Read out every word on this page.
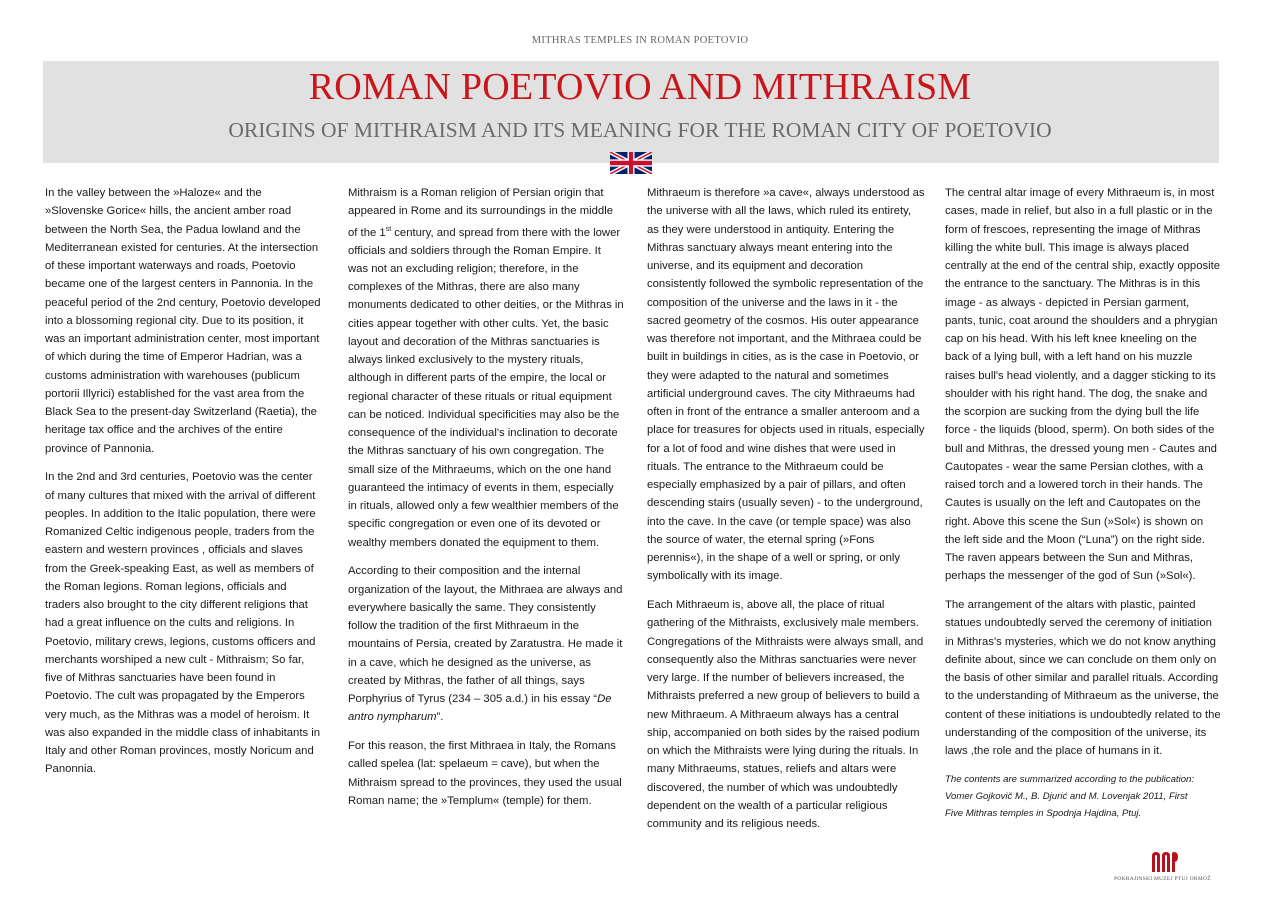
MITHRAS TEMPLES IN ROMAN POETOVIO
ROMAN POETOVIO AND MITHRAISM
ORIGINS OF MITHRAISM AND ITS MEANING FOR THE ROMAN CITY OF POETOVIO

In the valley between the »Haloze« and the »Slovenske Gorice« hills, the ancient amber road between the North Sea, the Padua lowland and the Mediterranean existed for centuries. At the intersection of these important waterways and roads, Poetovio became one of the largest centers in Pannonia. In the peaceful period of the 2nd century, Poetovio developed into a blossoming regional city. Due to its position, it was an important administration center, most important of which during the time of Emperor Hadrian, was a customs administration with warehouses (publicum portorii Illyrici) established for the vast area from the Black Sea to the present-day Switzerland (Raetia), the heritage tax office and the archives of the entire province of Pannonia.

In the 2nd and 3rd centuries, Poetovio was the center of many cultures that mixed with the arrival of different peoples. In addition to the Italic population, there were Romanized Celtic indigenous people, traders from the eastern and western provinces , officials and slaves from the Greek-speaking East, as well as members of the Roman legions. Roman legions, officials and traders also brought to the city different religions that had a great influence on the cults and religions. In Poetovio, military crews, legions, customs officers and merchants worshiped a new cult - Mithraism; So far, five of Mithras sanctuaries have been found in Poetovio. The cult was propagated by the Emperors very much, as the Mithras was a model of heroism. It was also expanded in the middle class of inhabitants in Italy and other Roman provinces, mostly Noricum and Panonnia.

Mithraism is a Roman religion of Persian origin that appeared in Rome and its surroundings in the middle of the 1st century, and spread from there with the lower officials and soldiers through the Roman Empire. It was not an excluding religion; therefore, in the complexes of the Mithras, there are also many monuments dedicated to other deities, or the Mithras in cities appear together with other cults. Yet, the basic layout and decoration of the Mithras sanctuaries is always linked exclusively to the mystery rituals, although in different parts of the empire, the local or regional character of these rituals or ritual equipment can be noticed. Individual specificities may also be the consequence of the individual's inclination to decorate the Mithras sanctuary of his own congregation. The small size of the Mithraeums, which on the one hand guaranteed the intimacy of events in them, especially in rituals, allowed only a few wealthier members of the specific congregation or even one of its devoted or wealthy members donated the equipment to them.

According to their composition and the internal organization of the layout, the Mithraea are always and everywhere basically the same. They consistently follow the tradition of the first Mithraeum in the mountains of Persia, created by Zaratustra. He made it in a cave, which he designed as the universe, as created by Mithras, the father of all things, says Porphyrius of Tyrus (234 – 305 a.d.) in his essay “De antro nympharum”.

For this reason, the first Mithraea in Italy, the Romans called spelea (lat: spelaeum = cave), but when the Mithraism spread to the provinces, they used the usual Roman name; the »Templum« (temple) for them.

Mithraeum is therefore »a cave«, always understood as the universe with all the laws, which ruled its entirety, as they were understood in antiquity. Entering the Mithras sanctuary always meant entering into the universe, and its equipment and decoration consistently followed the symbolic representation of the composition of the universe and the laws in it - the sacred geometry of the cosmos. His outer appearance was therefore not important, and the Mithraea could be built in buildings in cities, as is the case in Poetovio, or they were adapted to the natural and sometimes artificial underground caves. The city Mithraeums had often in front of the entrance a smaller anteroom and a place for treasures for objects used in rituals, especially for a lot of food and wine dishes that were used in rituals. The entrance to the Mithraeum could be especially emphasized by a pair of pillars, and often descending stairs (usually seven) - to the underground, into the cave. In the cave (or temple space) was also the source of water, the eternal spring (»Fons perennis«), in the shape of a well or spring, or only symbolically with its image.

Each Mithraeum is, above all, the place of ritual gathering of the Mithraists, exclusively male members. Congregations of the Mithraists were always small, and consequently also the Mithras sanctuaries were never very large. If the number of believers increased, the Mithraists preferred a new group of believers to build a new Mithraeum. A Mithraeum always has a central ship, accompanied on both sides by the raised podium on which the Mithraists were lying during the rituals. In many Mithraeums, statues, reliefs and altars were discovered, the number of which was undoubtedly dependent on the wealth of a particular religious community and its religious needs.

The central altar image of every Mithraeum is, in most cases, made in relief, but also in a full plastic or in the form of frescoes, representing the image of Mithras killing the white bull. This image is always placed centrally at the end of the central ship, exactly opposite the entrance to the sanctuary. The Mithras is in this image - as always - depicted in Persian garment, pants, tunic, coat around the shoulders and a phrygian cap on his head. With his left knee kneeling on the back of a lying bull, with a left hand on his muzzle raises bull's head violently, and a dagger sticking to its shoulder with his right hand. The dog, the snake and the scorpion are sucking from the dying bull the life force - the liquids (blood, sperm). On both sides of the bull and Mithras, the dressed young men - Cautes and Cautopates - wear the same Persian clothes, with a raised torch and a lowered torch in their hands. The Cautes is usually on the left and Cautopates on the right. Above this scene the Sun (»Sol«) is shown on the left side and the Moon (“Luna”) on the right side. The raven appears between the Sun and Mithras, perhaps the messenger of the god of Sun (»Sol«).

The arrangement of the altars with plastic, painted statues undoubtedly served the ceremony of initiation in Mithras's mysteries, which we do not know anything definite about, since we can conclude on them only on the basis of other similar and parallel rituals. According to the understanding of Mithraeum as the universe, the content of these initiations is undoubtedly related to the understanding of the composition of the universe, its laws ,the role and the place of humans in it.

The contents are summarized according to the publication: Vomer Gojkovič M., B. Djurić and M. Lovenjak 2011, First Five Mithras temples in Spodnja Hajdina, Ptuj.

POKRAJINSKI MUZEJ PTUJ ORMOŽ
